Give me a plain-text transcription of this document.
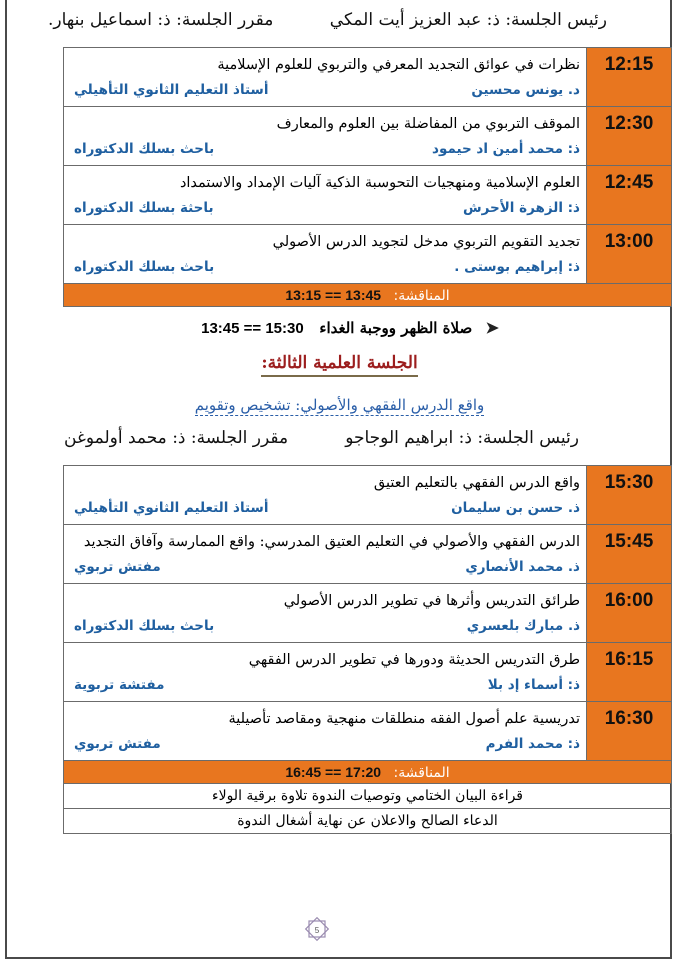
مقرر الجلسة: ذ: اسماعيل بنهار.	رئيس الجلسة: ذ: عبد العزيز أيت المكي
نظرات في عوائق التجديد المعرفي والتربوي للعلوم الإسلامية
د. يونس محسين
أستاذ التعليم الثانوي التأهيلي	12:15

الموقف التربوي من المفاضلة بين العلوم والمعارف
ذ: محمد أمين اد حيمود
باحث بسلك الدكتوراه	12:30

العلوم الإسلامية ومنهجيات التحوسبة الذكية آليات الإمداد والاستمداد
ذ: الزهرة الأحرش
باحثة بسلك الدكتوراه	12:45

تجديد التقويم التربوي مدخل لتجويد الدرس الأصولي
ذ: إبراهيم بوستى .
باحث بسلك الدكتوراه	13:00
المناقشة: 13:15 == 13:45	
➤ صلاة الظهر ووجبة الغداء   13:45 == 15:30
الجلسة العلمية الثالثة:
واقع الدرس الفقهي والأصولي: تشخيص وتقويم
مقرر الجلسة: ذ: محمد أولموغن	رئيس الجلسة: ذ: ابراهيم الوجاجو
واقع الدرس الفقهي بالتعليم العتيق
ذ. حسن بن سليمان
أستاذ التعليم الثانوي التأهيلي	15:30

الدرس الفقهي والأصولي في التعليم العتيق المدرسي: واقع الممارسة وآفاق التجديد
ذ. محمد الأنصاري
مفتش تربوي	15:45

طرائق التدريس وأثرها في تطوير الدرس الأصولي
ذ. مبارك بلعسري
باحث بسلك الدكتوراه	16:00

طرق التدريس الحديثة ودورها في تطوير الدرس الفقهي
ذ: أسماء إد بلا
مفتشة تربوية	16:15

تدريسية علم أصول الفقه منطلقات منهجية ومقاصد تأصيلية
ذ: محمد الفرم
مفتش تربوي	16:30
المناقشة: 16:45 == 17:20	
قراءة البيان الختامي وتوصيات الندوة تلاوة برقية الولاء	
الدعاء الصالح والاعلان عن نهاية أشغال الندوة	
5
